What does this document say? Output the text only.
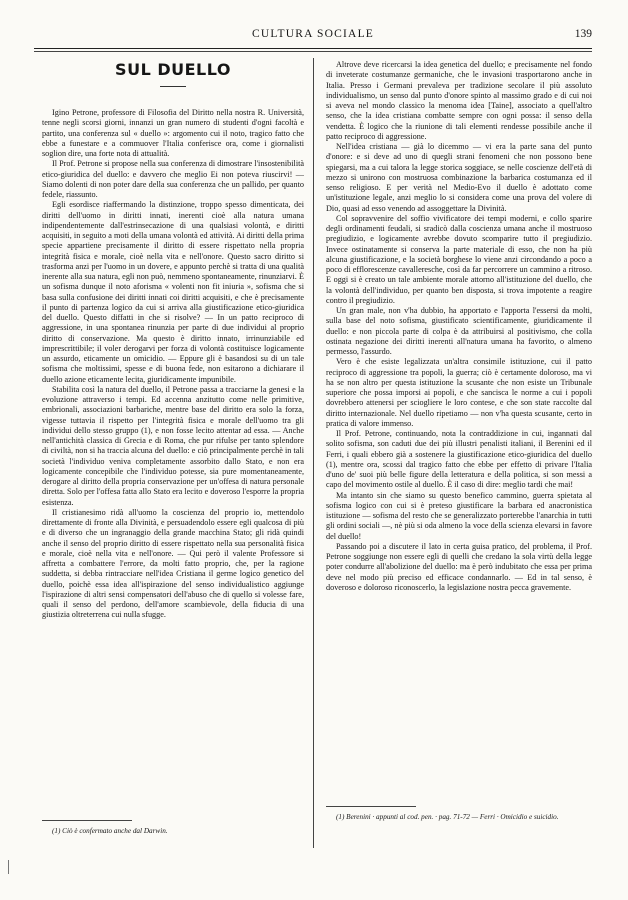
CULTURA SOCIALE	139
SUL DUELLO

Igino Petrone, professore di Filosofia del Diritto nella nostra R. Università, tenne negli scorsi giorni, innanzi un gran numero di studenti d'ogni facoltà e partito, una conferenza sul « duello »: argomento cui il noto, tragico fatto che ebbe a funestare e a commuover l'Italia conferisce ora, come i giornalisti soglion dire, una forte nota di attualità.

Il Prof. Petrone si propose nella sua conferenza di dimostrare l'insostenibilità etico-giuridica del duello: e davvero che meglio Ei non poteva riuscirvi! — Siamo dolenti di non poter dare della sua conferenza che un pallido, per quanto fedele, riassunto.

Egli esordisce riaffermando la distinzione, troppo spesso dimenticata, dei diritti dell'uomo in diritti innati, inerenti cioè alla natura umana indipendentemente dall'estrinsecazione di una qualsiasi volontà, e diritti acquisiti, in seguito a moti della umana volontà ed attività. Ai diritti della prima specie appartiene precisamente il diritto di essere rispettato nella propria integrità fisica e morale, cioè nella vita e nell'onore. Questo sacro diritto si trasforma anzi per l'uomo in un dovere, e appunto perchè si tratta di una qualità inerente alla sua natura, egli non può, nemmeno spontaneamente, rinunziarvi. È un sofisma dunque il noto aforisma « volenti non fit iniuria », sofisma che si basa sulla confusione dei diritti innati coi diritti acquisiti, e che è precisamente il punto di partenza logico da cui si arriva alla giustificazione etico-giuridica del duello. Questo diffatti in che si risolve? — In un patto reciproco di aggressione, in una spontanea rinunzia per parte di due individui al proprio diritto di conservazione. Ma questo è diritto innato, irrinunziabile ed imprescrittibile; il voler derogarvi per forza di volontà costituisce logicamente un assurdo, eticamente un omicidio. — Eppure gli è basandosi su di un tale sofisma che moltissimi, spesse e di buona fede, non esitarono a dichiarare il duello azione eticamente lecita, giuridicamente impunibile.

Stabilita così la natura del duello, il Petrone passa a tracciarne la genesi e la evoluzione attraverso i tempi. Ed accenna anzitutto come nelle primitive, embrionali, associazioni barbariche, mentre base del diritto era solo la forza, vigesse tuttavia il rispetto per l'integrità fisica e morale dell'uomo tra gli individui dello stesso gruppo (1), e non fosse lecito attentar ad essa. — Anche nell'antichità classica di Grecia e di Roma, che pur rifulse per tanto splendore di civiltà, non si ha traccia alcuna del duello: e ciò principalmente perchè in tali società l'individuo veniva completamente assorbito dallo Stato, e non era logicamente concepibile che l'individuo potesse, sia pure momentaneamente, derogare al diritto della propria conservazione per un'offesa di natura personale diretta. Solo per l'offesa fatta allo Stato era lecito e doveroso l'esporre la propria esistenza.

Il cristianesimo ridà all'uomo la coscienza del proprio io, mettendolo direttamente di fronte alla Divinità, e persuadendolo essere egli qualcosa di più e di diverso che un ingranaggio della grande macchina Stato; gli ridà quindi anche il senso del proprio diritto di essere rispettato nella sua personalità fisica e morale, cioè nella vita e nell'onore. — Qui però il valente Professore si affretta a combattere l'errore, da molti fatto proprio, che, per la ragione suddetta, si debba rintracciare nell'idea Cristiana il germe logico genetico del duello, poichè essa idea all'ispirazione del senso individualistico aggiunge l'ispirazione di altri sensi compensatori dell'abuso che di quello si volesse fare, quali il senso del perdono, dell'amore scambievole, della fiducia di una giustizia oltreterrena cui nulla sfugge.

(1) Ciò è confermato anche dal Darwin.

Altrove deve ricercarsi la idea genetica del duello; e precisamente nel fondo di inveterate costumanze germaniche, che le invasioni trasportarono anche in Italia. Presso i Germani prevaleva per tradizione secolare il più assoluto individualismo, un senso dal punto d'onore spinto al massimo grado e di cui noi si aveva nel mondo classico la menoma idea [Taine], associato a quell'altro senso, che la idea cristiana combatte sempre con ogni possa: il senso della vendetta. È logico che la riunione di tali elementi rendesse possibile anche il patto reciproco di aggressione.

Nell'idea cristiana — già lo dicemmo — vi era la parte sana del punto d'onore: e si deve ad uno di quegli strani fenomeni che non possono bene spiegarsi, ma a cui talora la legge storica soggiace, se nelle coscienze dell'età di mezzo si unirono con mostruosa combinazione la barbarica costumanza ed il senso religioso. E per verità nel Medio-Evo il duello è adottato come un'istituzione legale, anzi meglio lo si considera come una prova del volere di Dio, quasi ad esso venendo ad assoggettare la Divinità.

Col sopravvenire del soffio vivificatore dei tempi moderni, e collo sparire degli ordinamenti feudali, si sradicò dalla coscienza umana anche il mostruoso pregiudizio, e logicamente avrebbe dovuto scomparire tutto il pregiudizio. Invece ostinatamente si conserva la parte materiale di esso, che non ha più alcuna giustificazione, e la società borghese lo viene anzi circondando a poco a poco di efflorescenze cavalleresche, così da far percorrere un cammino a ritroso. E oggi si è creato un tale ambiente morale attorno all'istituzione del duello, che la volontà dell'individuo, per quanto ben disposta, si trova impotente a reagire contro il pregiudizio.

Un gran male, non v'ha dubbio, ha apportato e l'apporta l'essersi da molti, sulla base del noto sofisma, giustificato scientificamente, giuridicamente il duello: e non piccola parte di colpa è da attribuirsi al positivismo, che colla ostinata negazione dei diritti inerenti all'natura umana ha favorito, o almeno permesso, l'assurdo.

Vero è che esiste legalizzata un'altra consimile istituzione, cui il patto reciproco di aggressione tra popoli, la guerra; ciò è certamente doloroso, ma vi ha se non altro per questa istituzione la scusante che non esiste un Tribunale superiore che possa imporsi ai popoli, e che sancisca le norme a cui i popoli dovrebbero attenersi per sciogliere le loro contese, e che son state raccolte dal diritto internazionale. Nel duello ripetiamo — non v'ha questa scusante, certo in pratica di valore immenso.

Il Prof. Petrone, continuando, nota la contraddizione in cui, ingannati dal solito sofisma, son caduti due dei più illustri penalisti italiani, il Berenini ed il Ferri, i quali ebbero già a sostenere la giustificazione etico-giuridica del duello (1), mentre ora, scossi dal tragico fatto che ebbe per effetto di privare l'Italia d'uno de' suoi più belle figure della letteratura e della politica, si son messi a capo del movimento ostile al duello. È il caso di dire: meglio tardi che mai!

Ma intanto sin che siamo su questo benefico cammino, guerra spietata al sofisma logico con cui si è preteso giustificare la barbara ed anacronistica istituzione — sofisma del resto che se generalizzato porterebbe l'anarchia in tutti gli ordini sociali —, nè più si oda almeno la voce della scienza elevarsi in favore del duello!

Passando poi a discutere il lato in certa guisa pratico, del problema, il Prof. Petrone soggiunge non essere egli di quelli che credano la sola virtù della legge poter condurre all'abolizione del duello: ma è però indubitato che essa per prima deve nel modo più preciso ed efficace condannarlo. — Ed in tal senso, è doveroso e doloroso riconoscerlo, la legislazione nostra pecca gravemente.

(1) Berenini · appunti al cod. pen. · pag. 71-72 — Ferri · Omicidio e suicidio.
